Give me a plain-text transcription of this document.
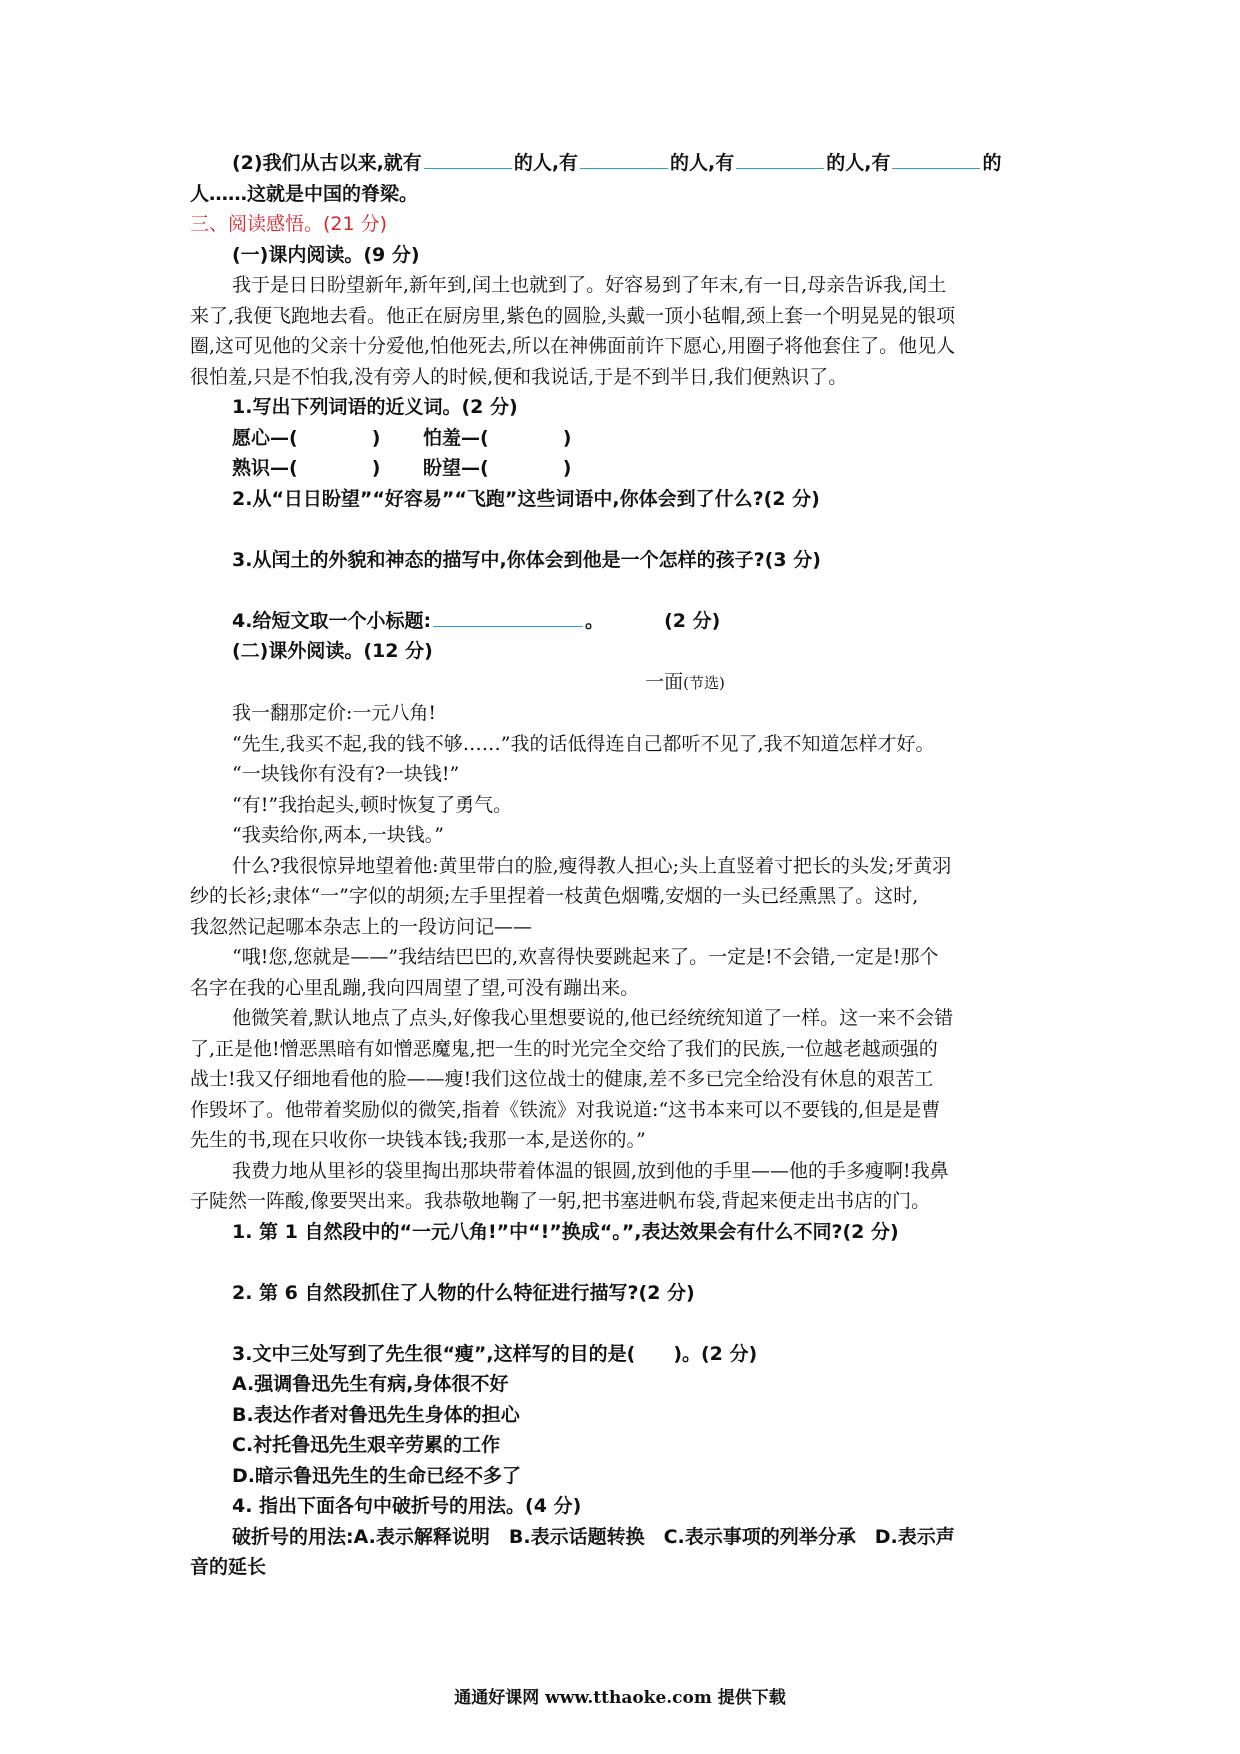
(2)我们从古以来,就有	的人,有	的人,有	的人,有	的
人……这就是中国的脊梁。
三、阅读感悟。(21 分)
(一)课内阅读。(9 分)
我于是日日盼望新年,新年到,闰土也就到了。好容易到了年末,有一日,母亲告诉我,闰土
来了,我便飞跑地去看。他正在厨房里,紫色的圆脸,头戴一顶小毡帽,颈上套一个明晃晃的银项
圈,这可见他的父亲十分爱他,怕他死去,所以在神佛面前许下愿心,用圈子将他套住了。他见人
很怕羞,只是不怕我,没有旁人的时候,便和我说话,于是不到半日,我们便熟识了。
1.写出下列词语的近义词。(2 分)
愿心—(	) 怕羞—(	)
熟识—(	) 盼望—(	)
2.从“日日盼望”“好容易”“飞跑”这些词语中,你体会到了什么?(2 分)
3.从闰土的外貌和神态的描写中,你体会到他是一个怎样的孩子?(3 分)
4.给短文取一个小标题:	。	(2 分)
(二)课外阅读。(12 分)
一面(节选)
我一翻那定价:一元八角!
“先生,我买不起,我的钱不够……”我的话低得连自己都听不见了,我不知道怎样才好。
“一块钱你有没有?一块钱!”
“有!”我抬起头,顿时恢复了勇气。
“我卖给你,两本,一块钱。”
什么?我很惊异地望着他:黄里带白的脸,瘦得教人担心;头上直竖着寸把长的头发;牙黄羽
纱的长衫;隶体“一”字似的胡须;左手里捏着一枝黄色烟嘴,安烟的一头已经熏黑了。这时,
我忽然记起哪本杂志上的一段访问记——
“哦!您,您就是——”我结结巴巴的,欢喜得快要跳起来了。一定是!不会错,一定是!那个
名字在我的心里乱蹦,我向四周望了望,可没有蹦出来。
他微笑着,默认地点了点头,好像我心里想要说的,他已经统统知道了一样。这一来不会错
了,正是他!憎恶黑暗有如憎恶魔鬼,把一生的时光完全交给了我们的民族,一位越老越顽强的
战士!我又仔细地看他的脸——瘦!我们这位战士的健康,差不多已完全给没有休息的艰苦工
作毁坏了。他带着奖励似的微笑,指着《铁流》对我说道:“这书本来可以不要钱的,但是是曹
先生的书,现在只收你一块钱本钱;我那一本,是送你的。”
我费力地从里衫的袋里掏出那块带着体温的银圆,放到他的手里——他的手多瘦啊!我鼻
子陡然一阵酸,像要哭出来。我恭敬地鞠了一躬,把书塞进帆布袋,背起来便走出书店的门。
1. 第 1 自然段中的“一元八角!”中“!”换成“。”,表达效果会有什么不同?(2 分)
2. 第 6 自然段抓住了人物的什么特征进行描写?(2 分)
3.文中三处写到了先生很“瘦”,这样写的目的是(　　)。(2 分)
A.强调鲁迅先生有病,身体很不好
B.表达作者对鲁迅先生身体的担心
C.衬托鲁迅先生艰辛劳累的工作
D.暗示鲁迅先生的生命已经不多了
4. 指出下面各句中破折号的用法。(4 分)
破折号的用法:A.表示解释说明　B.表示话题转换　C.表示事项的列举分承　D.表示声
音的延长
通通好课网 www.tthaoke.com 提供下载
